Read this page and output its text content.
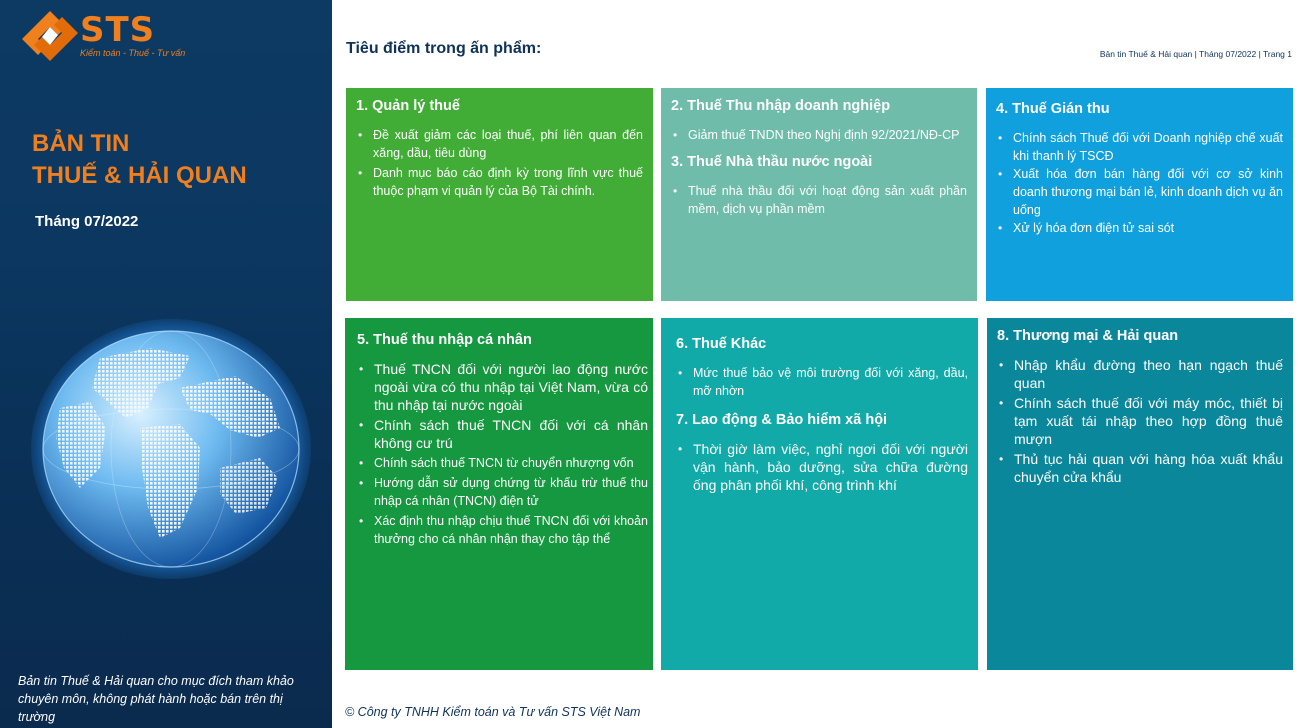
STS
Kiểm toán - Thuế - Tư vấn
BẢN TIN
THUẾ & HẢI QUAN
Tháng 07/2022
Bản tin Thuế & Hải quan cho mục đích tham khảo chuyên môn, không phát hành hoặc bán trên thị trường
Tiêu điểm trong ấn phẩm:	Bản tin Thuế & Hải quan | Tháng 07/2022 | Trang 1
1. Quản lý thuế
• Đề xuất giảm các loại thuế, phí liên quan đến xăng, dầu, tiêu dùng
• Danh mục báo cáo định kỳ trong lĩnh vực thuế thuộc phạm vi quản lý của Bộ Tài chính.
2. Thuế Thu nhập doanh nghiệp
• Giảm thuế TNDN theo Nghị định 92/2021/NĐ-CP
3. Thuế Nhà thầu nước ngoài
• Thuế nhà thầu đối với hoạt động sản xuất phần mềm, dịch vụ phần mềm
4. Thuế Gián thu
• Chính sách Thuế đối với Doanh nghiệp chế xuất khi thanh lý TSCĐ
• Xuất hóa đơn bán hàng đối với cơ sở kinh doanh thương mại bán lẻ, kinh doanh dịch vụ ăn uống
• Xử lý hóa đơn điện tử sai sót
5. Thuế thu nhập cá nhân
• Thuế TNCN đối với người lao động nước ngoài vừa có thu nhập tại Việt Nam, vừa có thu nhập tại nước ngoài
• Chính sách thuế TNCN đối với cá nhân không cư trú
• Chính sách thuế TNCN từ chuyển nhượng vốn
• Hướng dẫn sử dụng chứng từ khấu trừ thuế thu nhập cá nhân (TNCN) điện tử
• Xác định thu nhập chịu thuế TNCN đối với khoản thưởng cho cá nhân nhận thay cho tập thể
6. Thuế Khác
• Mức thuế bảo vệ môi trường đối với xăng, dầu, mỡ nhờn
7. Lao động & Bảo hiểm xã hội
• Thời giờ làm việc, nghỉ ngơi đối với người vận hành, bảo dưỡng, sửa chữa đường ống phân phối khí, công trình khí
8. Thương mại & Hải quan
• Nhập khẩu đường theo hạn ngạch thuế quan
• Chính sách thuế đối với máy móc, thiết bị tạm xuất tái nhập theo hợp đồng thuê mượn
• Thủ tục hải quan với hàng hóa xuất khẩu chuyển cửa khẩu
© Công ty TNHH Kiểm toán và Tư vấn STS Việt Nam
